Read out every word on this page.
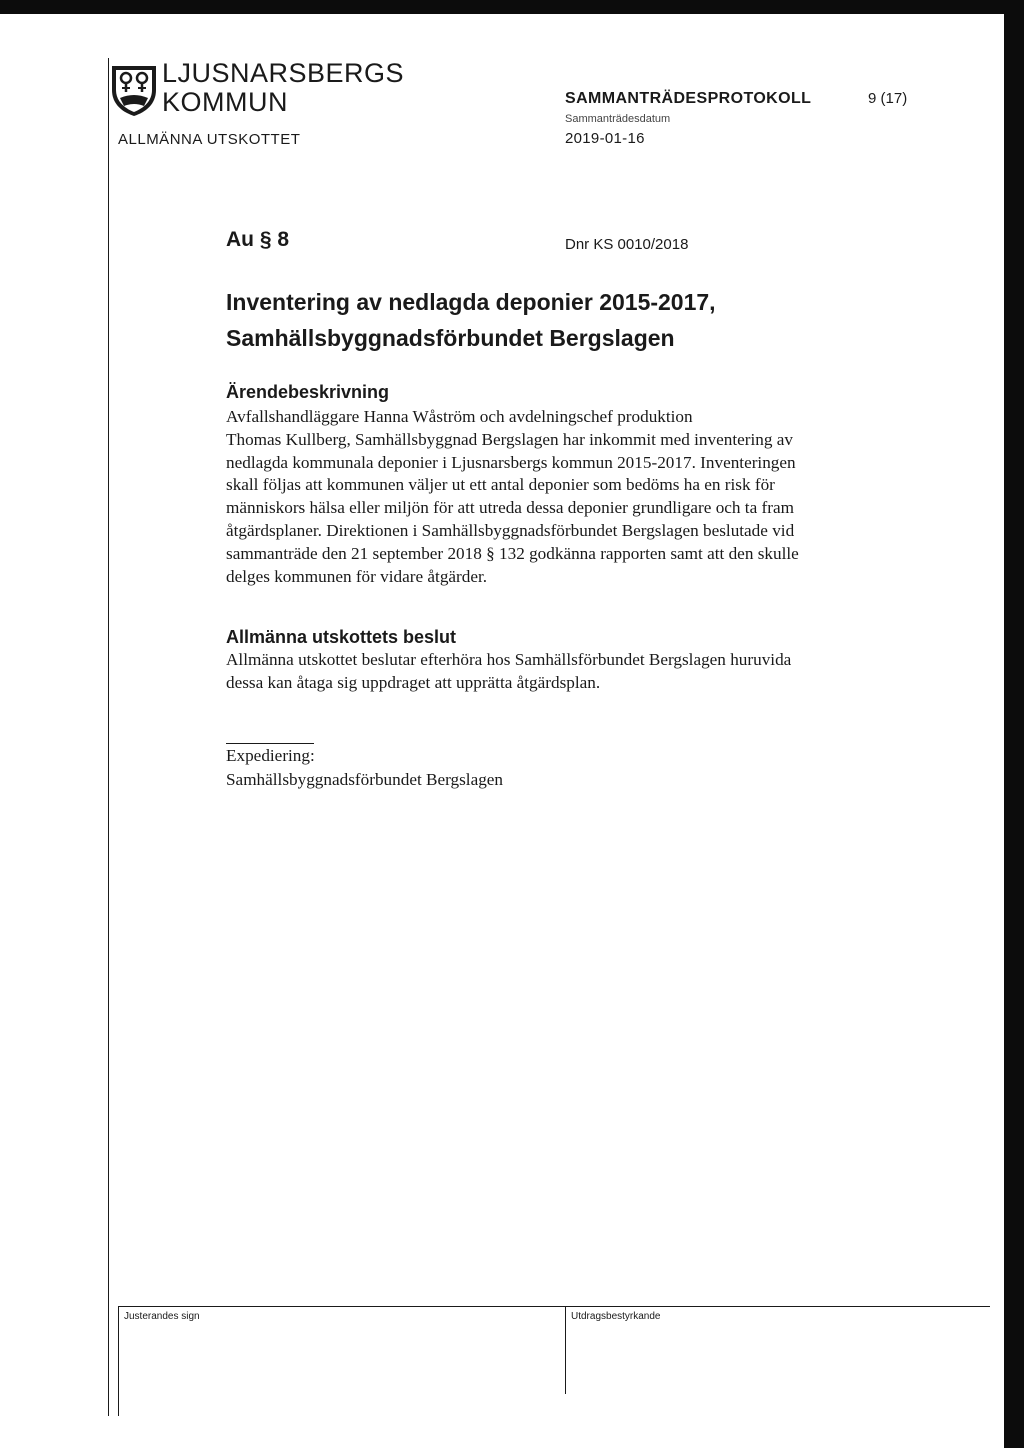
LJUSNARSBERGS
KOMMUN
ALLMÄNNA UTSKOTTET
SAMMANTRÄDESPROTOKOLL
Sammanträdesdatum
2019-01-16
9 (17)
Au § 8	Dnr KS 0010/2018
Inventering av nedlagda deponier 2015-2017,
Samhällsbyggnadsförbundet Bergslagen
Ärendebeskrivning
Avfallshandläggare Hanna Wåström och avdelningschef produktion
Thomas Kullberg, Samhällsbyggnad Bergslagen har inkommit med inventering av
nedlagda kommunala deponier i Ljusnarsbergs kommun 2015-2017. Inventeringen
skall följas att kommunen väljer ut ett antal deponier som bedöms ha en risk för
människors hälsa eller miljön för att utreda dessa deponier grundligare och ta fram
åtgärdsplaner. Direktionen i Samhällsbyggnadsförbundet Bergslagen beslutade vid
sammanträde den 21 september 2018 § 132 godkänna rapporten samt att den skulle
delges kommunen för vidare åtgärder.
Allmänna utskottets beslut
Allmänna utskottet beslutar efterhöra hos Samhällsförbundet Bergslagen huruvida
dessa kan åtaga sig uppdraget att upprätta åtgärdsplan.
Expediering:
Samhällsbyggnadsförbundet Bergslagen
Justerandes sign	Utdragsbestyrkande
